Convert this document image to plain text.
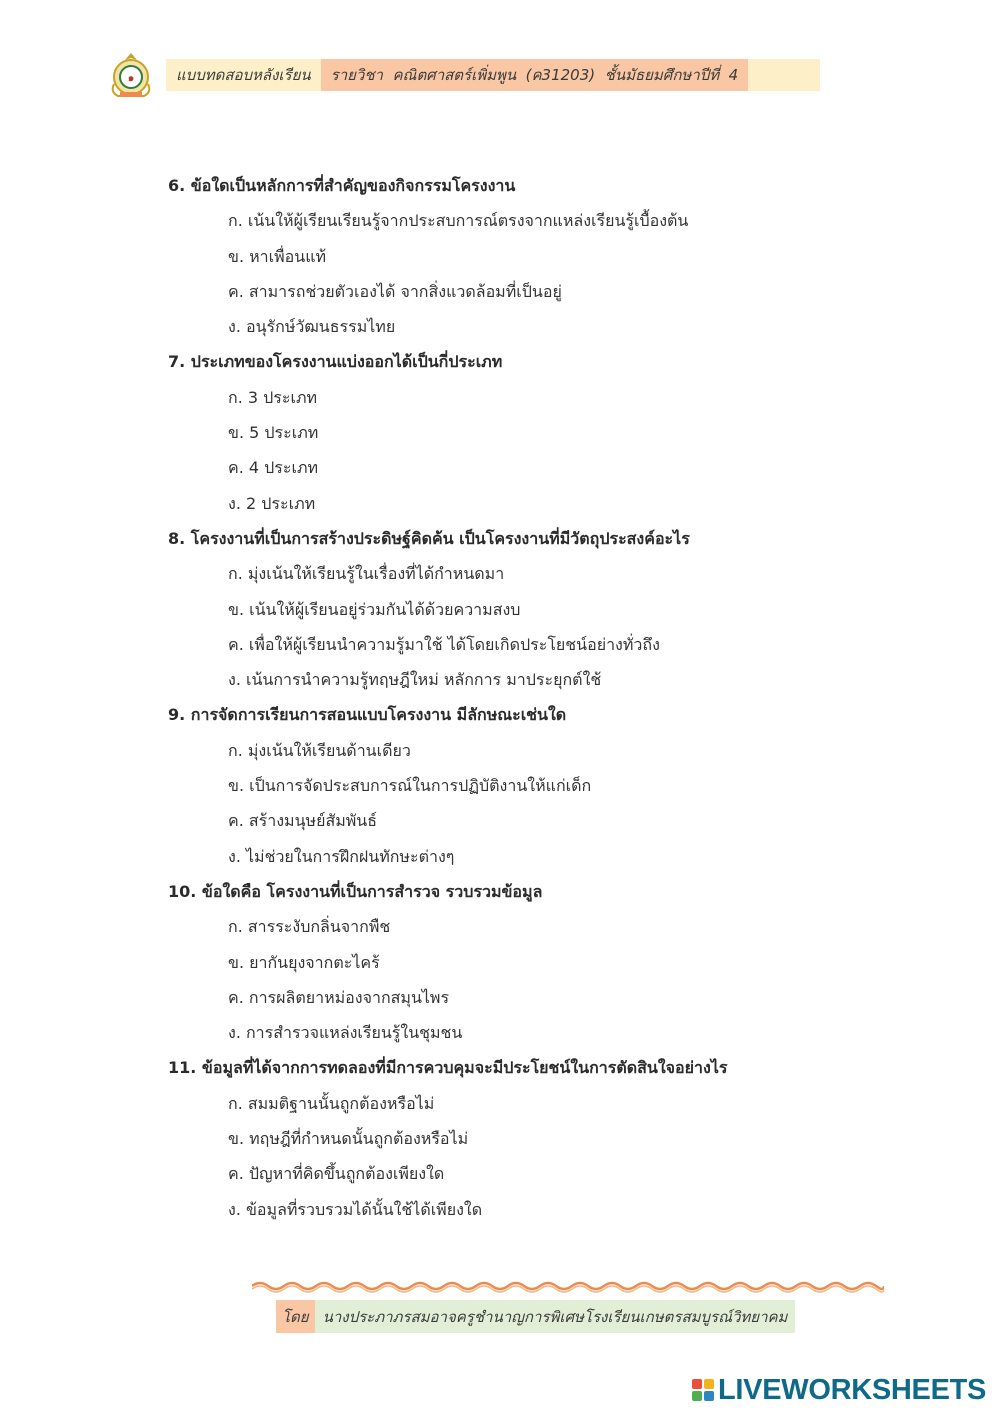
๑	แบบทดสอบหลังเรียน	รายวิชา  คณิตศาสตร์เพิ่มพูน  (ค31203)  ชั้นมัธยมศึกษาปีที่  4
6. ข้อใดเป็นหลักการที่สำคัญของกิจกรรมโครงงาน
ก. เน้นให้ผู้เรียนเรียนรู้จากประสบการณ์ตรงจากแหล่งเรียนรู้เบื้องต้น
ข. หาเพื่อนแท้
ค. สามารถช่วยตัวเองได้ จากสิ่งแวดล้อมที่เป็นอยู่
ง. อนุรักษ์วัฒนธรรมไทย
7. ประเภทของโครงงานแบ่งออกได้เป็นกี่ประเภท
ก. 3 ประเภท
ข. 5 ประเภท
ค. 4 ประเภท
ง. 2 ประเภท
8. โครงงานที่เป็นการสร้างประดิษฐ์คิดค้น เป็นโครงงานที่มีวัตถุประสงค์อะไร
ก. มุ่งเน้นให้เรียนรู้ในเรื่องที่ได้กำหนดมา
ข. เน้นให้ผู้เรียนอยู่ร่วมกันได้ด้วยความสงบ
ค. เพื่อให้ผู้เรียนนำความรู้มาใช้ ได้โดยเกิดประโยชน์อย่างทั่วถึง
ง. เน้นการนำความรู้ทฤษฎีใหม่ หลักการ มาประยุกต์ใช้
9. การจัดการเรียนการสอนแบบโครงงาน มีลักษณะเช่นใด
ก. มุ่งเน้นให้เรียนด้านเดียว
ข. เป็นการจัดประสบการณ์ในการปฏิบัติงานให้แก่เด็ก
ค. สร้างมนุษย์สัมพันธ์
ง. ไม่ช่วยในการฝึกฝนทักษะต่างๆ
10. ข้อใดคือ โครงงานที่เป็นการสำรวจ รวบรวมข้อมูล
ก. สารระงับกลิ่นจากพืช
ข. ยากันยุงจากตะไคร้
ค. การผลิตยาหม่องจากสมุนไพร
ง. การสำรวจแหล่งเรียนรู้ในชุมชน
11. ข้อมูลที่ได้จากการทดลองที่มีการควบคุมจะมีประโยชน์ในการตัดสินใจอย่างไร
ก. สมมติฐานนั้นถูกต้องหรือไม่
ข. ทฤษฎีที่กำหนดนั้นถูกต้องหรือไม่
ค. ปัญหาที่คิดขึ้นถูกต้องเพียงใด
ง. ข้อมูลที่รวบรวมได้นั้นใช้ได้เพียงใด
โดย นางประภาภร สมอาจ ครูชำนาญการพิเศษ โรงเรียนเกษตรสมบูรณ์วิทยาคม
LIVEWORKSHEETS
